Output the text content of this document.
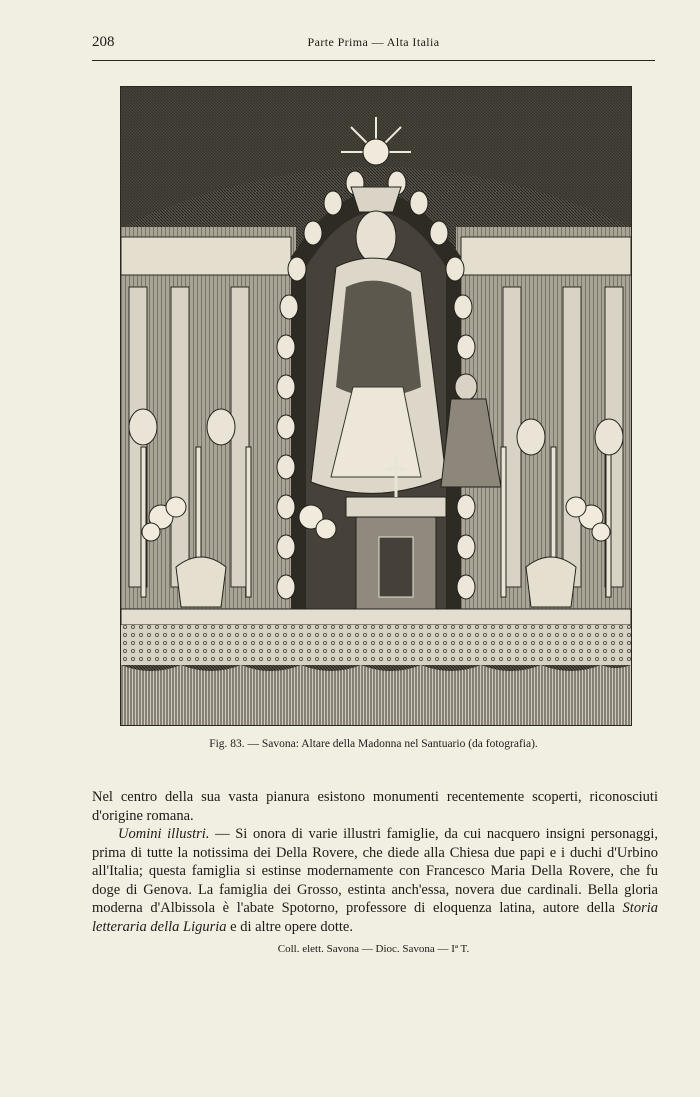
208	Parte Prima — Alta Italia
Fig. 83. — Savona: Altare della Madonna nel Santuario (da fotografia).

Nel centro della sua vasta pianura esistono monumenti recentemente scoperti, riconosciuti d'origine romana.

Uomini illustri. — Si onora di varie illustri famiglie, da cui nacquero insigni personaggi, prima di tutte la notissima dei Della Rovere, che diede alla Chiesa due papi e i duchi d'Urbino all'Italia; questa famiglia si estinse modernamente con Francesco Maria Della Rovere, che fu doge di Genova. La famiglia dei Grosso, estinta anch'essa, novera due cardinali. Bella gloria moderna d'Albissola è l'abate Spotorno, professore di eloquenza latina, autore della Storia letteraria della Liguria e di altre opere dotte.

Coll. elett. Savona — Dioc. Savona — Iª T.
